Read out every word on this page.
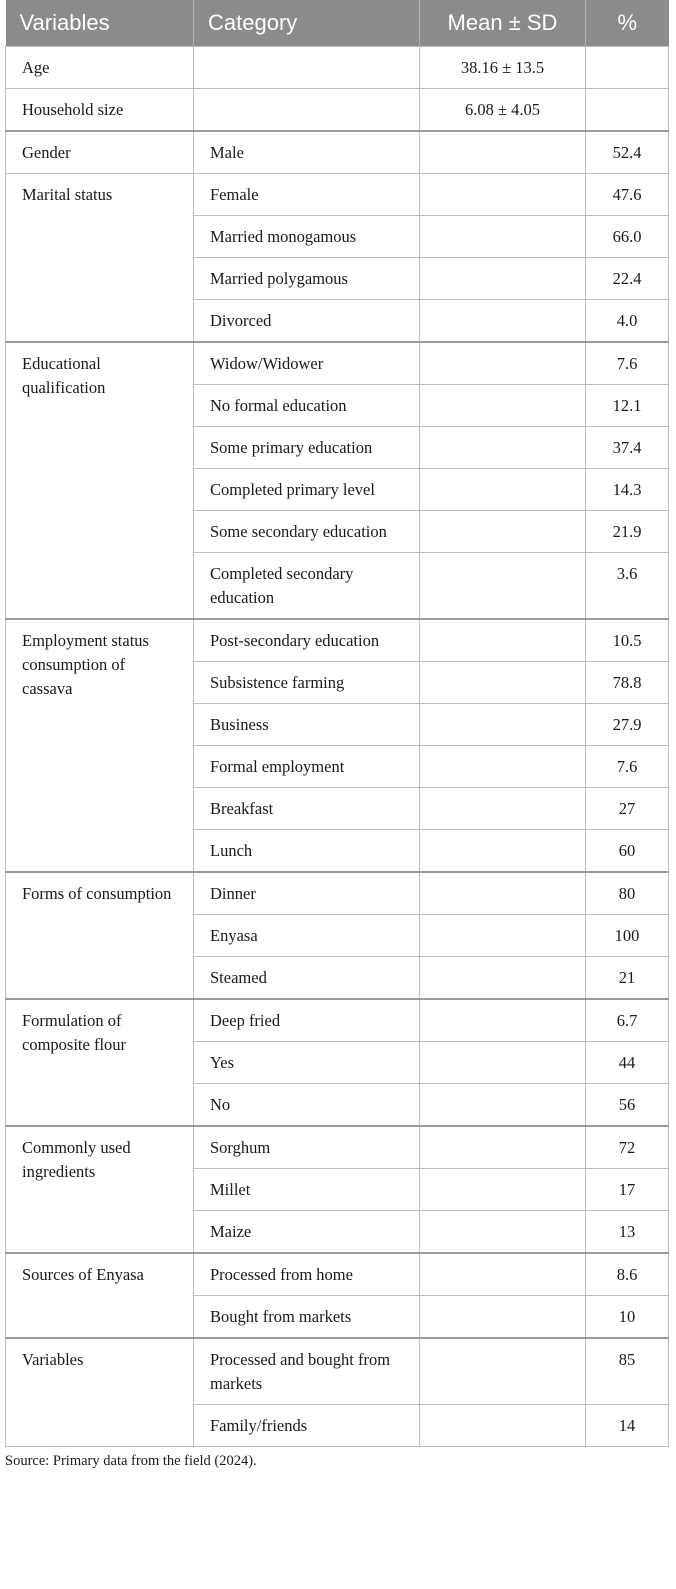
Variables	Category	Mean ± SD	%
Age		38.16 ± 13.5	
Household size		6.08 ± 4.05	
Gender	Male		52.4
Marital status	Female		47.6
	Married monogamous		66.0
	Married polygamous		22.4
	Divorced		4.0
Educational qualification	Widow/Widower		7.6
	No formal education		12.1
	Some primary education		37.4
	Completed primary level		14.3
	Some secondary education		21.9
	Completed secondary education		3.6
Employment status consumption of cassava	Post-secondary education		10.5
	Subsistence farming		78.8
	Business		27.9
	Formal employment		7.6
	Breakfast		27
	Lunch		60
Forms of consumption	Dinner		80
	Enyasa		100
	Steamed		21
Formulation of composite flour	Deep fried		6.7
	Yes		44
	No		56
Commonly used ingredients	Sorghum		72
	Millet		17
	Maize		13
Sources of Enyasa	Processed from home		8.6
	Bought from markets		10
Variables	Processed and bought from markets		85
	Family/friends		14
Source: Primary data from the field (2024).
